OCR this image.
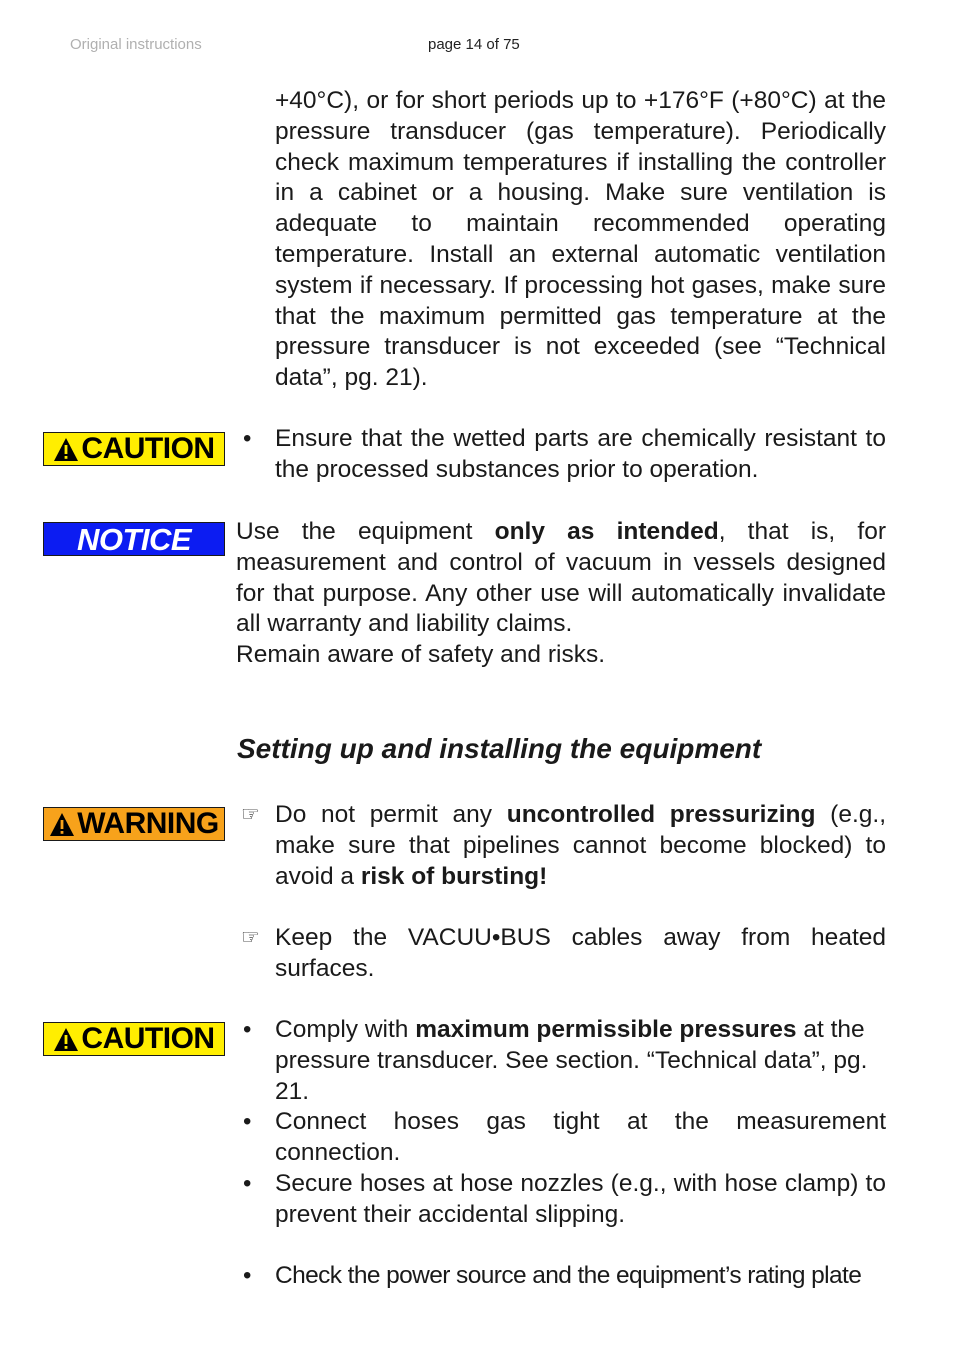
Original instructions	page 14 of 75

+40°C), or for short periods up to +176°F (+80°C) at the pressure transducer (gas temperature). Periodically check maximum temperatures if installing the controller in a cabinet or a housing. Make sure ventilation is adequate to maintain recommended operating temperature. Install an external automatic ventilation system if necessary. If processing hot gases, make sure that the maximum permitted gas temperature at the pressure transducer is not exceeded (see “Technical data”, pg. 21).

CAUTION • Ensure that the wetted parts are chemically resistant to the processed substances prior to operation.

NOTICE Use the equipment only as intended, that is, for measurement and control of vacuum in vessels designed for that purpose. Any other use will automatically invalidate all warranty and liability claims.

Remain aware of safety and risks.

Setting up and installing the equipment
WARNING ☞ Do not permit any uncontrolled pressurizing (e.g., make sure that pipelines cannot become blocked) to avoid a risk of bursting!

☞ Keep the VACUU•BUS cables away from heated surfaces.

CAUTION • Comply with maximum permissible pressures at the pressure transducer. See section. “Technical data”, pg. 21.

• Connect hoses gas tight at the measurement connection.

• Secure hoses at hose nozzles (e.g., with hose clamp) to prevent their accidental slipping.

• Check the power source and the equipment’s rating plate
